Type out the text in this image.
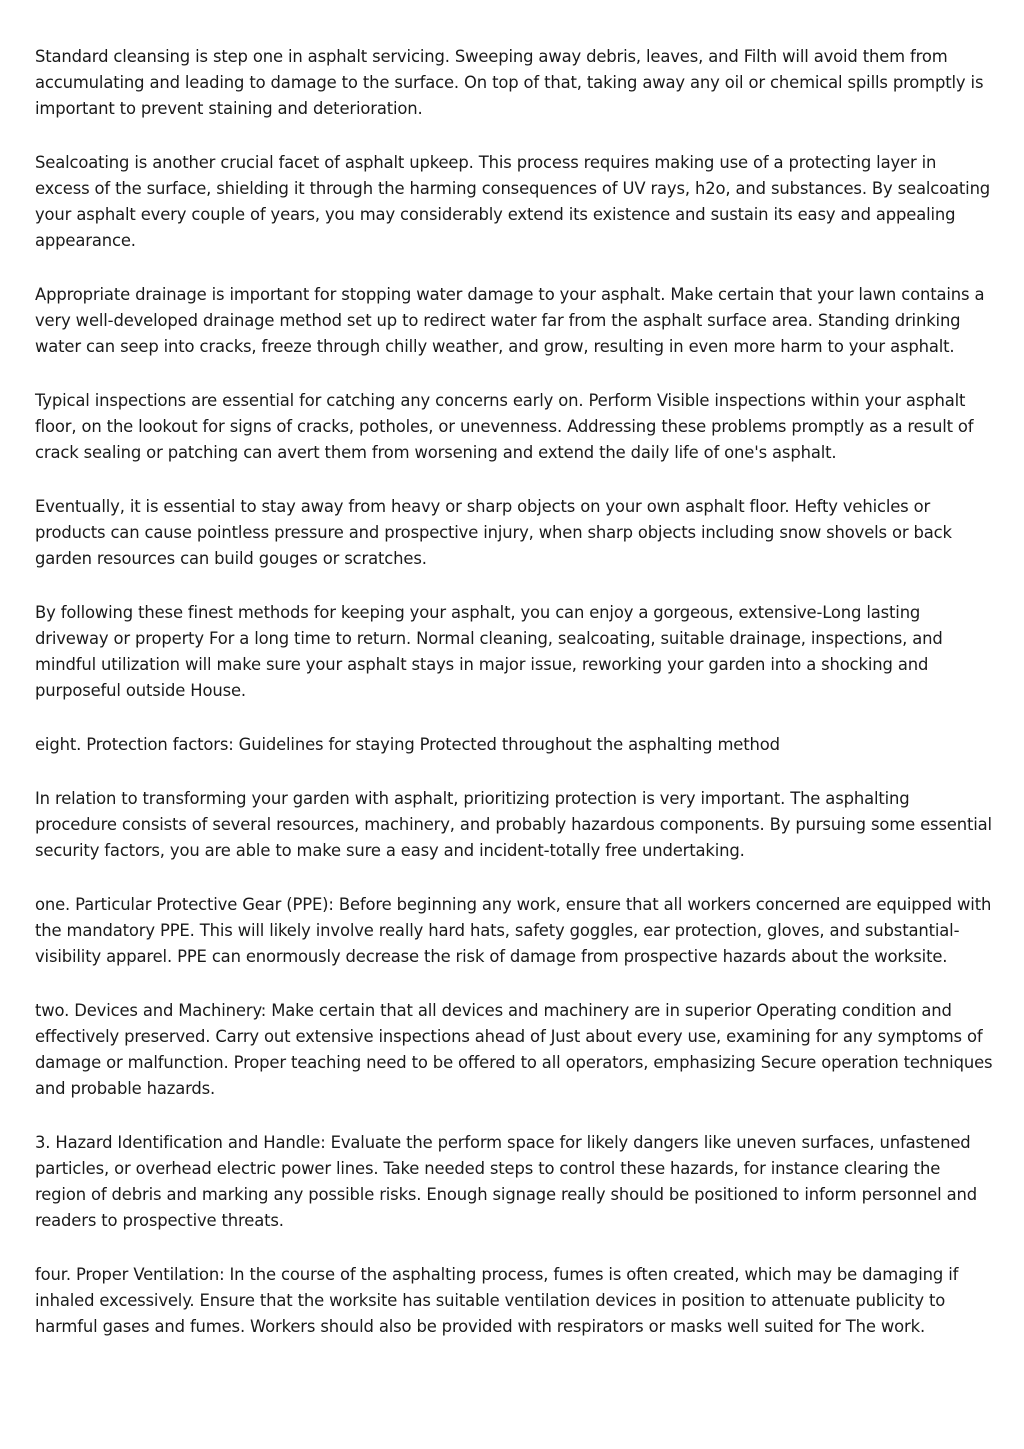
Standard cleansing is step one in asphalt servicing. Sweeping away debris, leaves, and Filth will avoid them from accumulating and leading to damage to the surface. On top of that, taking away any oil or chemical spills promptly is important to prevent staining and deterioration.

Sealcoating is another crucial facet of asphalt upkeep. This process requires making use of a protecting layer in excess of the surface, shielding it through the harming consequences of UV rays, h2o, and substances. By sealcoating your asphalt every couple of years, you may considerably extend its existence and sustain its easy and appealing appearance.

Appropriate drainage is important for stopping water damage to your asphalt. Make certain that your lawn contains a very well-developed drainage method set up to redirect water far from the asphalt surface area. Standing drinking water can seep into cracks, freeze through chilly weather, and grow, resulting in even more harm to your asphalt.

Typical inspections are essential for catching any concerns early on. Perform Visible inspections within your asphalt floor, on the lookout for signs of cracks, potholes, or unevenness. Addressing these problems promptly as a result of crack sealing or patching can avert them from worsening and extend the daily life of one's asphalt.

Eventually, it is essential to stay away from heavy or sharp objects on your own asphalt floor. Hefty vehicles or products can cause pointless pressure and prospective injury, when sharp objects including snow shovels or back garden resources can build gouges or scratches.

By following these finest methods for keeping your asphalt, you can enjoy a gorgeous, extensive-Long lasting driveway or property For a long time to return. Normal cleaning, sealcoating, suitable drainage, inspections, and mindful utilization will make sure your asphalt stays in major issue, reworking your garden into a shocking and purposeful outside House.

eight. Protection factors: Guidelines for staying Protected throughout the asphalting method

In relation to transforming your garden with asphalt, prioritizing protection is very important. The asphalting procedure consists of several resources, machinery, and probably hazardous components. By pursuing some essential security factors, you are able to make sure a easy and incident-totally free undertaking.

one. Particular Protective Gear (PPE): Before beginning any work, ensure that all workers concerned are equipped with the mandatory PPE. This will likely involve really hard hats, safety goggles, ear protection, gloves, and substantial-visibility apparel. PPE can enormously decrease the risk of damage from prospective hazards about the worksite.

two. Devices and Machinery: Make certain that all devices and machinery are in superior Operating condition and effectively preserved. Carry out extensive inspections ahead of Just about every use, examining for any symptoms of damage or malfunction. Proper teaching need to be offered to all operators, emphasizing Secure operation techniques and probable hazards.

3. Hazard Identification and Handle: Evaluate the perform space for likely dangers like uneven surfaces, unfastened particles, or overhead electric power lines. Take needed steps to control these hazards, for instance clearing the region of debris and marking any possible risks. Enough signage really should be positioned to inform personnel and readers to prospective threats.

four. Proper Ventilation: In the course of the asphalting process, fumes is often created, which may be damaging if inhaled excessively. Ensure that the worksite has suitable ventilation devices in position to attenuate publicity to harmful gases and fumes. Workers should also be provided with respirators or masks well suited for The work.
